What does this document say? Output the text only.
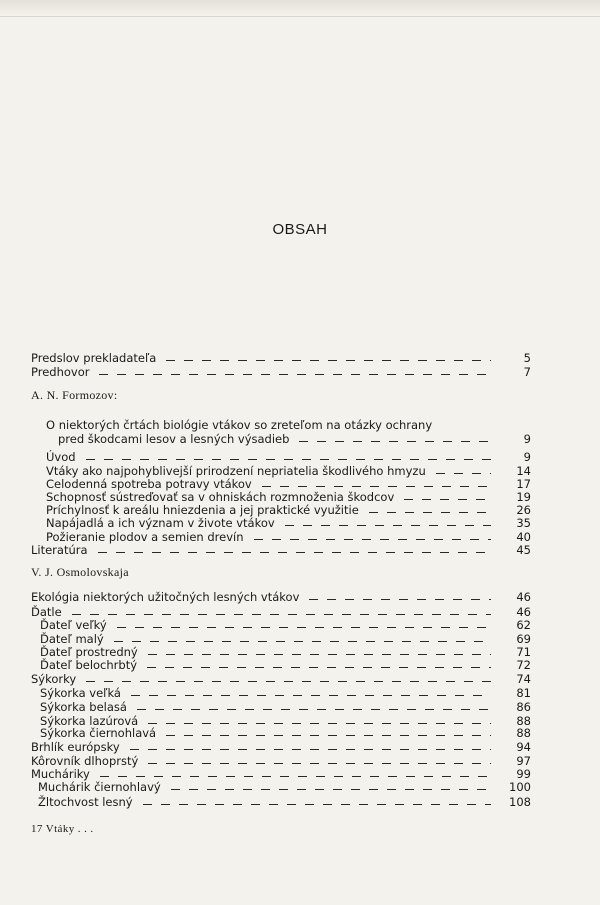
OBSAH
Predslov prekladateľa	5
Predhovor	7
A. N. Formozov:
O niektorých črtách biológie vtákov so zreteľom na otázky ochrany
pred škodcami lesov a lesných výsadieb	9
Úvod	9
Vtáky ako najpohyblivejší prirodzení nepriatelia škodlivého hmyzu	14
Celodenná spotreba potravy vtákov	17
Schopnosť sústreďovať sa v ohniskách rozmnoženia škodcov	19
Príchylnosť k areálu hniezdenia a jej praktické využitie	26
Napájadlá a ich význam v živote vtákov	35
Požieranie plodov a semien drevín	40
Literatúra	45
V. J. Osmolovskaja
Ekológia niektorých užitočných lesných vtákov	46
Ďatle	46
Ďateľ veľký	62
Ďateľ malý	69
Ďateľ prostredný	71
Ďateľ belochrbtý	72
Sýkorky	74
Sýkorka veľká	81
Sýkorka belasá	86
Sýkorka lazúrová	88
Sýkorka čiernohlavá	88
Brhlík európsky	94
Kôrovník dlhoprstý	97
Mucháriky	99
Muchárik čiernohlavý	100
Žltochvost lesný	108
17 Vtáky . . .
